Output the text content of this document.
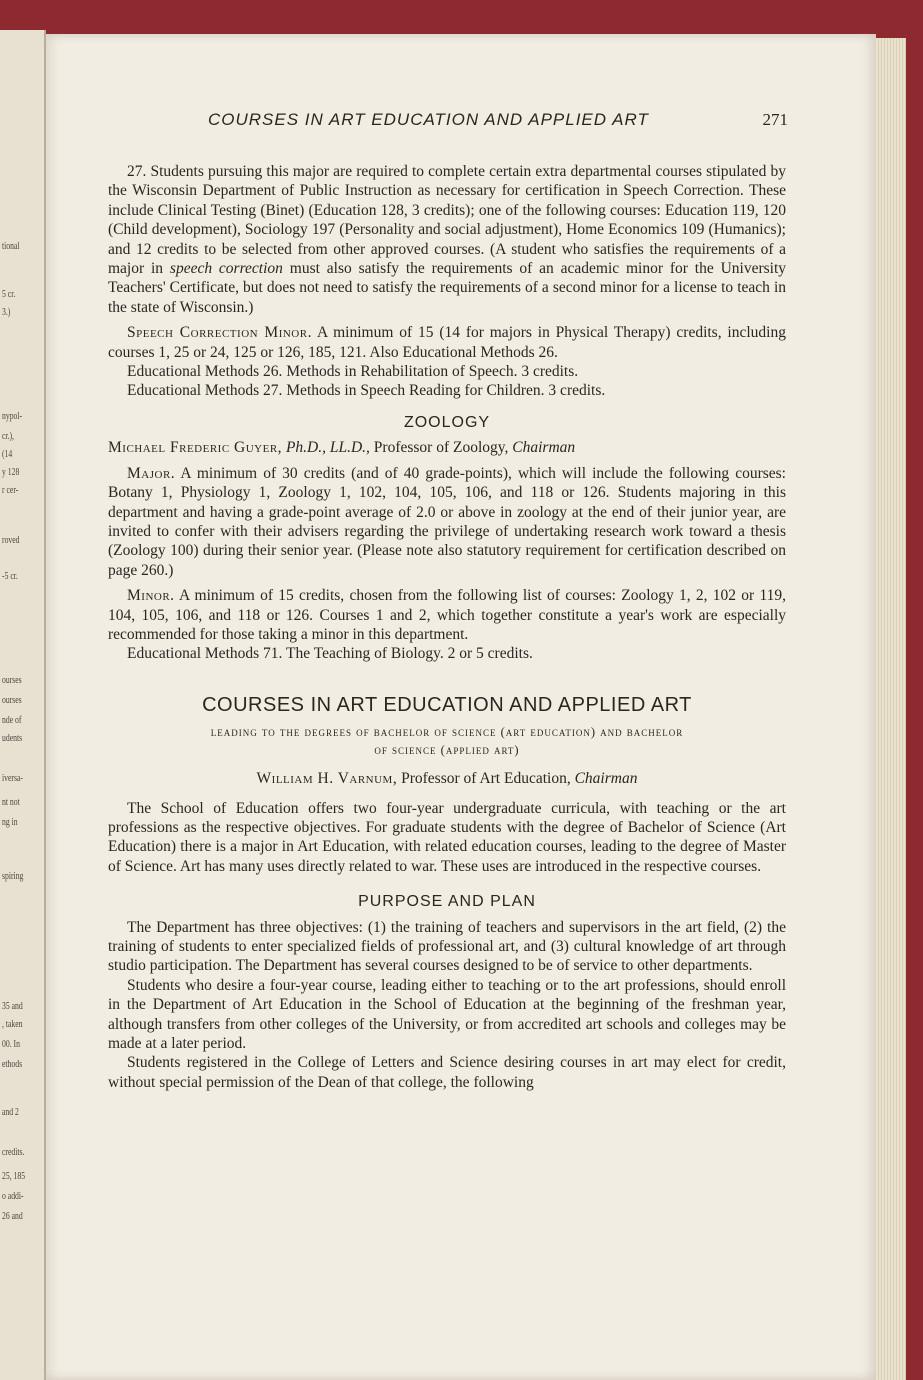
tional
5 cr.
3.)
nypol-
cr.),
(14
y 128
r cer-
roved
-5 cr.
ourses
ourses
nde of
udents
iversa-
nt not
ng in
spiring
35 and
, taken
00. In
ethods
and 2
credits.
25, 185
o addi-
26 and
COURSES IN ART EDUCATION AND APPLIED ART	271

27. Students pursuing this major are required to complete certain extra departmental courses stipulated by the Wisconsin Department of Public Instruction as necessary for certification in Speech Correction. These include Clinical Testing (Binet) (Education 128, 3 credits); one of the following courses: Education 119, 120 (Child development), Sociology 197 (Personality and social adjustment), Home Economics 109 (Humanics); and 12 credits to be selected from other approved courses. (A student who satisfies the requirements of a major in speech correction must also satisfy the requirements of an academic minor for the University Teachers' Certificate, but does not need to satisfy the requirements of a second minor for a license to teach in the state of Wisconsin.)

Speech Correction Minor. A minimum of 15 (14 for majors in Physical Therapy) credits, including courses 1, 25 or 24, 125 or 126, 185, 121. Also Educational Methods 26.

Educational Methods 26. Methods in Rehabilitation of Speech. 3 credits.

Educational Methods 27. Methods in Speech Reading for Children. 3 credits.

ZOOLOGY

Michael Frederic Guyer, Ph.D., LL.D., Professor of Zoology, Chairman

Major. A minimum of 30 credits (and of 40 grade-points), which will include the following courses: Botany 1, Physiology 1, Zoology 1, 102, 104, 105, 106, and 118 or 126. Students majoring in this department and having a grade-point average of 2.0 or above in zoology at the end of their junior year, are invited to confer with their advisers regarding the privilege of undertaking research work toward a thesis (Zoology 100) during their senior year. (Please note also statutory requirement for certification described on page 260.)

Minor. A minimum of 15 credits, chosen from the following list of courses: Zoology 1, 2, 102 or 119, 104, 105, 106, and 118 or 126. Courses 1 and 2, which together constitute a year's work are especially recommended for those taking a minor in this department.

Educational Methods 71. The Teaching of Biology. 2 or 5 credits.

COURSES IN ART EDUCATION AND APPLIED ART
leading to the degrees of bachelor of science (art education) and bachelor
of science (applied art)

William H. Varnum, Professor of Art Education, Chairman

The School of Education offers two four-year undergraduate curricula, with teaching or the art professions as the respective objectives. For graduate students with the degree of Bachelor of Science (Art Education) there is a major in Art Education, with related education courses, leading to the degree of Master of Science. Art has many uses directly related to war. These uses are introduced in the respective courses.

PURPOSE AND PLAN

The Department has three objectives: (1) the training of teachers and supervisors in the art field, (2) the training of students to enter specialized fields of professional art, and (3) cultural knowledge of art through studio participation. The Department has several courses designed to be of service to other departments.

Students who desire a four-year course, leading either to teaching or to the art professions, should enroll in the Department of Art Education in the School of Education at the beginning of the freshman year, although transfers from other colleges of the University, or from accredited art schools and colleges may be made at a later period.

Students registered in the College of Letters and Science desiring courses in art may elect for credit, without special permission of the Dean of that college, the following
